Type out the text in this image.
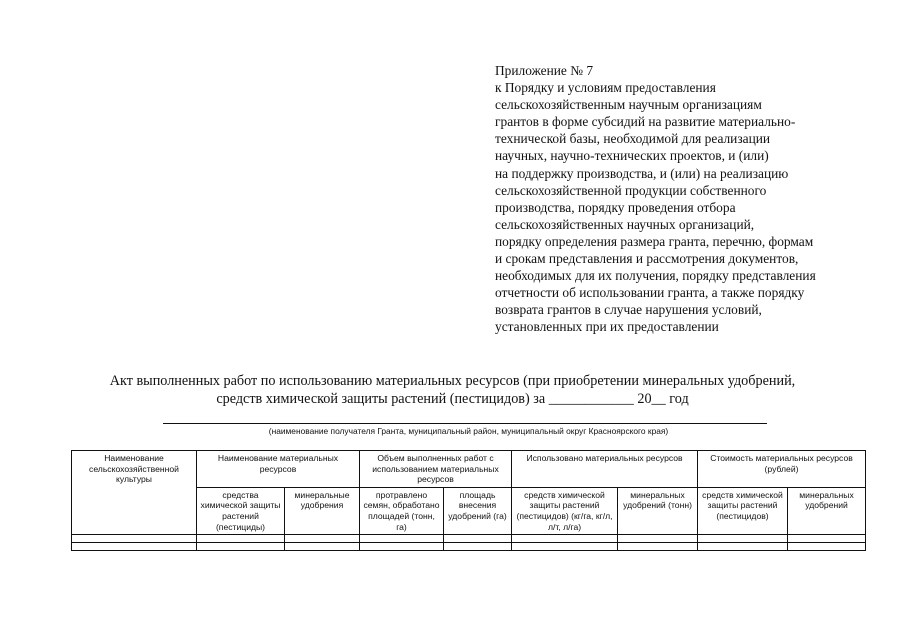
Приложение № 7
к Порядку и условиям предоставления
сельскохозяйственным научным организациям
грантов в форме субсидий на развитие материально-
технической базы, необходимой для реализации
научных, научно-технических проектов, и (или)
на поддержку производства, и (или) на реализацию
сельскохозяйственной продукции собственного
производства, порядку проведения отбора
сельскохозяйственных научных организаций,
порядку определения размера гранта, перечню, формам
и срокам представления и рассмотрения документов,
необходимых для их получения, порядку представления
отчетности об использовании гранта, а также порядку
возврата грантов в случае нарушения условий,
установленных при их предоставлении
Акт выполненных работ по использованию материальных ресурсов (при приобретении минеральных удобрений,
средств химической защиты растений (пестицидов) за ____________ 20__ год
(наименование получателя Гранта, муниципальный район, муниципальный округ Красноярского края)
Наименование сельскохозяйственной культуры	Наименование материальных ресурсов		Объем выполненных работ с использованием материальных ресурсов		Использовано материальных ресурсов		Стоимость материальных ресурсов (рублей)	
	средства химической защиты растений (пестициды)	минеральные удобрения	протравлено семян, обработано площадей (тонн, га)	площадь внесения удобрений (га)	средств химической защиты растений (пестицидов) (кг/га, кг/л, л/т, л/га)	минеральных удобрений (тонн)	средств химической защиты растений (пестицидов)	минеральных удобрений
